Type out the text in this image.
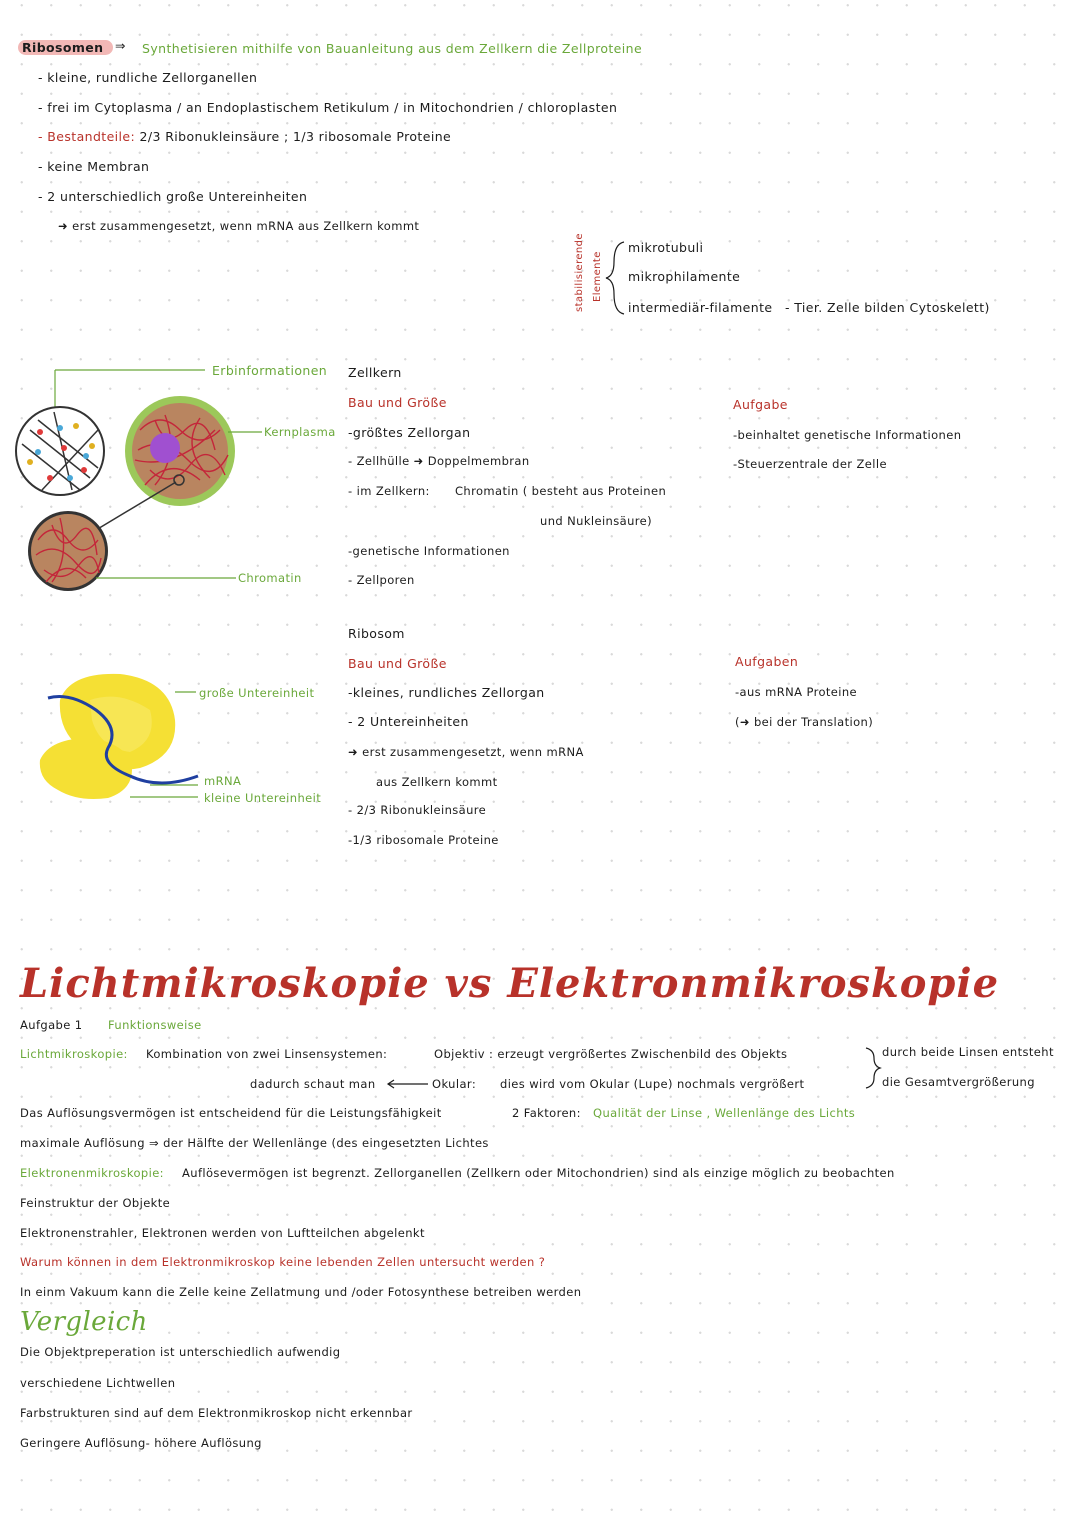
Ribosomen ⇒ Synthetisieren mithilfe von Bauanleitung aus dem Zellkern die Zellproteine
- kleine, rundliche Zellorganellen
- frei im Cytoplasma / an Endoplastischem Retikulum / in Mitochondrien / chloroplasten
- Bestandteile: 2/3 Ribonukleinsäure ; 1/3 ribosomale Proteine
- keine Membran
- 2 unterschiedlich große Untereinheiten
➜ erst zusammengesetzt, wenn mRNA aus Zellkern kommt
stabilisierende Elemente
mikrotubuli
mikrophilamente
intermediär-filamente - Tier. Zelle bilden Cytoskelett)
Erbinformationen
Kernplasma
Chromatin
große Untereinheit
mRNA
kleine Untereinheit
Zellkern
Bau und Größe
-größtes Zellorgan
- Zellhülle ➜ Doppelmembran
- im Zellkern: Chromatin ( besteht aus Proteinen
und Nukleinsäure)
-genetische Informationen
- Zellporen
Aufgabe
-beinhaltet genetische Informationen
-Steuerzentrale der Zelle
Ribosom
Bau und Größe
-kleines, rundliches Zellorgan
- 2 Untereinheiten
➜ erst zusammengesetzt, wenn mRNA
aus Zellkern kommt
- 2/3 Ribonukleinsäure
-1/3 ribosomale Proteine
Aufgaben
-aus mRNA Proteine
(➜ bei der Translation)
Lichtmikroskopie vs Elektronmikroskopie
Aufgabe 1 Funktionsweise
Lichtmikroskopie: Kombination von zwei Linsensystemen:	Objektiv : erzeugt vergrößertes Zwischenbild des Objekts	durch beide Linsen entsteht
die Gesamtvergrößerung
dadurch schaut man	Okular: dies wird vom Okular (Lupe) nochmals vergrößert
Das Auflösungsvermögen ist entscheidend für die Leistungsfähigkeit	2 Faktoren: Qualität der Linse , Wellenlänge des Lichts
maximale Auflösung ⇒ der Hälfte der Wellenlänge (des eingesetzten Lichtes
Elektronenmikroskopie: Auflösevermögen ist begrenzt. Zellorganellen (Zellkern oder Mitochondrien) sind als einzige möglich zu beobachten
Feinstruktur der Objekte
Elektronenstrahler, Elektronen werden von Luftteilchen abgelenkt
Warum können in dem Elektronmikroskop keine lebenden Zellen untersucht werden ?
In einm Vakuum kann die Zelle keine Zellatmung und /oder Fotosynthese betreiben werden
Vergleich
Die Objektpreperation ist unterschiedlich aufwendig
verschiedene Lichtwellen
Farbstrukturen sind auf dem Elektronmikroskop nicht erkennbar
Geringere Auflösung- höhere Auflösung
